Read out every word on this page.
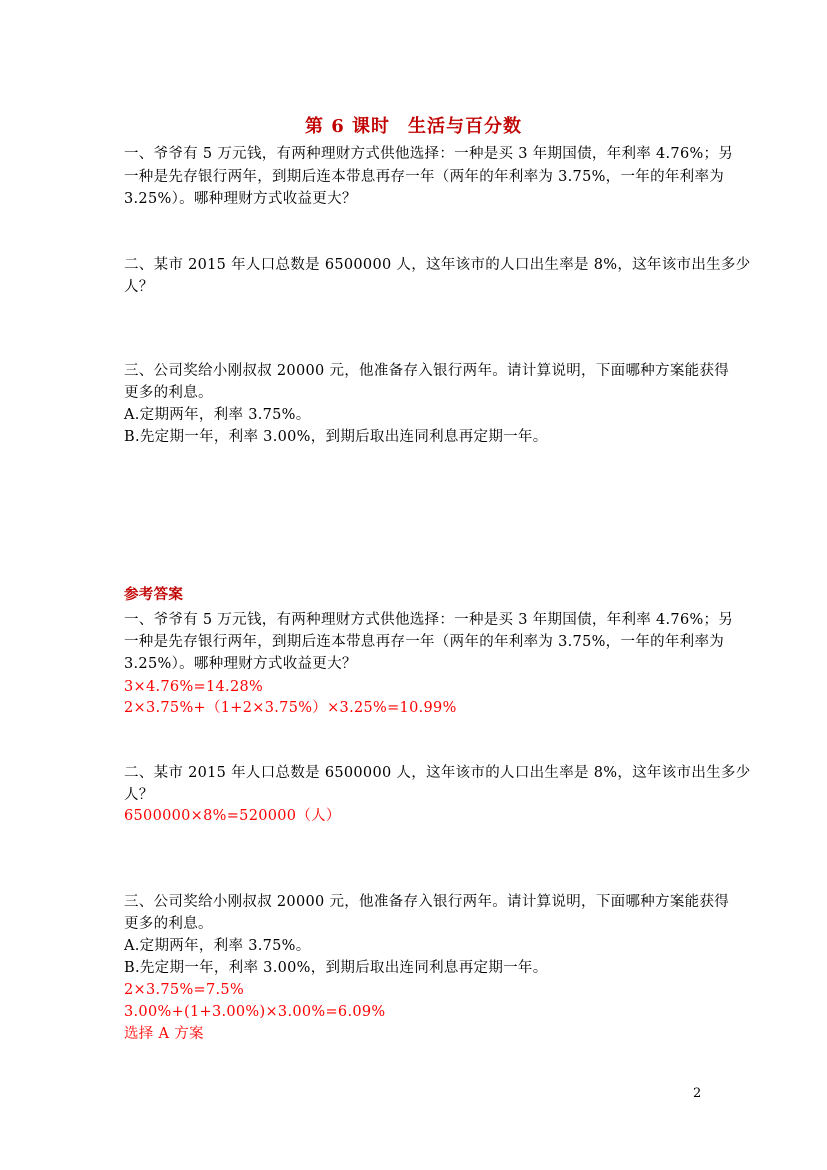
第 6 课时 生活与百分数
一、爷爷有 5 万元钱，有两种理财方式供他选择：一种是买 3 年期国债，年利率 4.76%；另
一种是先存银行两年，到期后连本带息再存一年（两年的年利率为 3.75%，一年的年利率为
3.25%）。哪种理财方式收益更大？
二、某市 2015 年人口总数是 6500000 人，这年该市的人口出生率是 8%，这年该市出生多少
人？
三、公司奖给小刚叔叔 20000 元，他准备存入银行两年。请计算说明，下面哪种方案能获得
更多的利息。
A.定期两年，利率 3.75%。
B.先定期一年，利率 3.00%，到期后取出连同利息再定期一年。
参考答案
一、爷爷有 5 万元钱，有两种理财方式供他选择：一种是买 3 年期国债，年利率 4.76%；另
一种是先存银行两年，到期后连本带息再存一年（两年的年利率为 3.75%，一年的年利率为
3.25%）。哪种理财方式收益更大？
3×4.76%=14.28%
2×3.75%+（1+2×3.75%）×3.25%=10.99%
二、某市 2015 年人口总数是 6500000 人，这年该市的人口出生率是 8%，这年该市出生多少
人？
6500000×8%=520000（人）
三、公司奖给小刚叔叔 20000 元，他准备存入银行两年。请计算说明，下面哪种方案能获得
更多的利息。
A.定期两年，利率 3.75%。
B.先定期一年，利率 3.00%，到期后取出连同利息再定期一年。
2×3.75%=7.5%
3.00%+(1+3.00%)×3.00%=6.09%
选择 A 方案
2
